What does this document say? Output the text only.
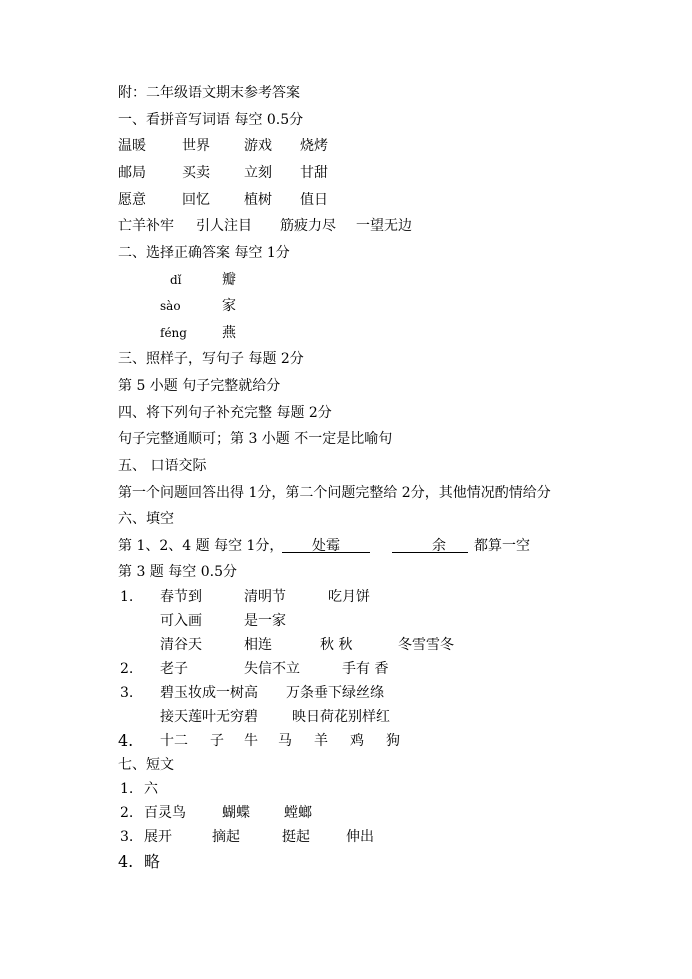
附：二年级语文期末参考答案
一、看拼音写词语 每空 0.5分
温暖	世界 游戏 烧烤
邮局	买卖 立刻 甘甜
愿意	回忆 植树 值日
亡羊补牢 引人注目 筋疲力尽 一望无边
二、选择正确答案 每空 1分
dǐ	瓣
sào	家
féng	燕
三、照样子，写句子 每题 2分
第 5 小题 句子完整就给分
四、将下列句子补充完整 每题 2分
句子完整通顺可；第 3 小题 不一定是比喻句
五、 口语交际
第一个问题回答出得 1分，第二个问题完整给 2分，其他情况酌情给分
六、填空
第 1、2、4 题 每空 1分， 处霉	余 都算一空
第 3 题 每空 0.5分
1. 春节到	清明节	吃月饼
可入画	是一家
清谷天	相连	秋 秋	冬雪雪冬
2. 老子	失信不立	手有 香
3. 碧玉妆成一树高 万条垂下绿丝绦
接天莲叶无穷碧 映日荷花别样红
4. 十二 子 牛 马 羊 鸡 狗
七、短文
1. 六
2. 百灵鸟	蝴蝶 螳螂
3. 展开	摘起	挺起	伸出
4. 略
